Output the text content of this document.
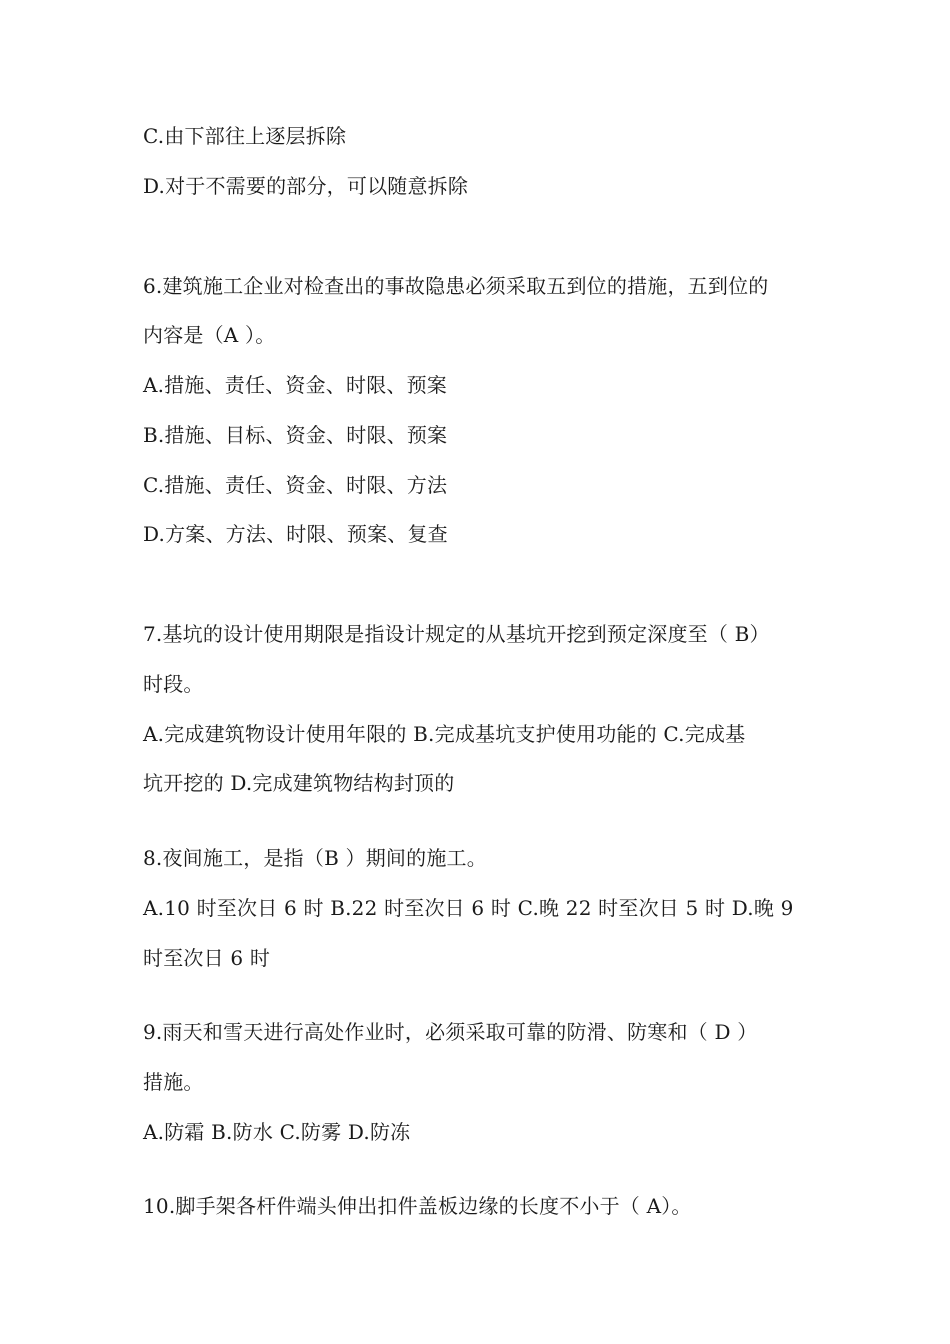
C.由下部往上逐层拆除
D.对于不需要的部分，可以随意拆除
6.建筑施工企业对检查出的事故隐患必须采取五到位的措施，五到位的
内容是（A ）。
A.措施、责任、资金、时限、预案
B.措施、目标、资金、时限、预案
C.措施、责任、资金、时限、方法
D.方案、方法、时限、预案、复查
7.基坑的设计使用期限是指设计规定的从基坑开挖到预定深度至（ B）
时段。
A.完成建筑物设计使用年限的 B.完成基坑支护使用功能的 C.完成基
坑开挖的 D.完成建筑物结构封顶的
8.夜间施工，是指（B ）期间的施工。
A.10 时至次日 6 时 B.22 时至次日 6 时 C.晚 22 时至次日 5 时 D.晚 9
时至次日 6 时
9.雨天和雪天进行高处作业时，必须采取可靠的防滑、防寒和（ D ）
措施。
A.防霜 B.防水 C.防雾 D.防冻
10.脚手架各杆件端头伸出扣件盖板边缘的长度不小于（ A）。
